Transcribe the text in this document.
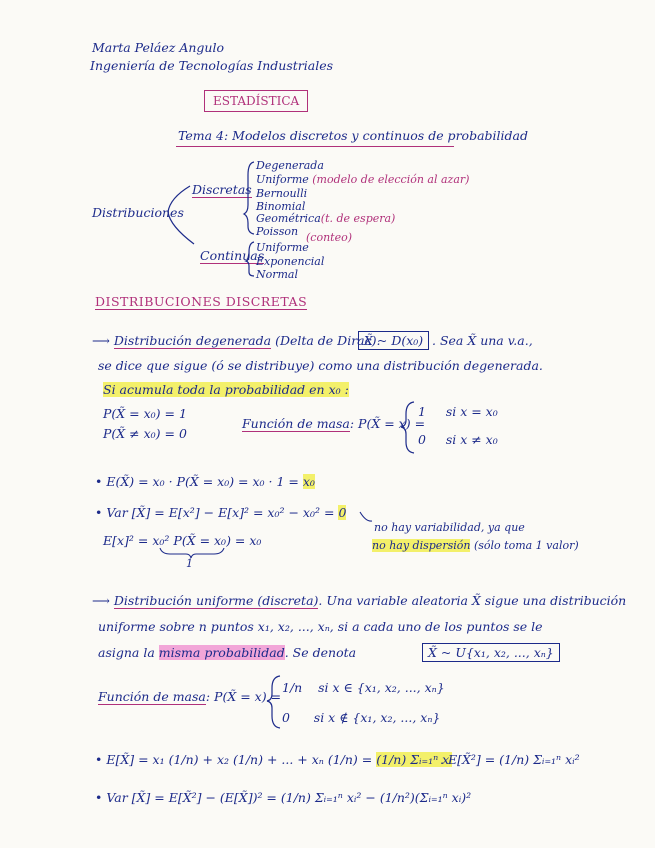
Marta Peláez Angulo
Ingeniería de Tecnologías Industriales
ESTADÍSTICA
Tema 4: Modelos discretos y continuos de probabilidad
Distribuciones
Discretas
Continuas
Degenerada
Uniforme (modelo de elección al azar)
Bernoulli
Binomial
Geométrica(t. de espera)
Poisson (conteo)
Uniforme
Exponencial
Normal
DISTRIBUCIONES DISCRETAS
⟶ Distribución degenerada (Delta de Dirac).
X̃ ~ D(x₀) . Sea X̃ una v.a.,
se dice que sigue (ó se distribuye) como una distribución degenerada.
Si acumula toda la probabilidad en x₀ :
P(X̃ = x₀) = 1
P(X̃ ≠ x₀) = 0
Función de masa: P(X̃ = x) =
1 si x = x₀
0 si x ≠ x₀
• E(X̃) = x₀ · P(X̃ = x₀) = x₀ · 1 = x₀
• Var [X̃] = E[x²] − E[x]² = x₀² − x₀² = 0
E[x]² = x₀² P(X̃ = x₀) = x₀
1
no hay variabilidad, ya que
no hay dispersión (sólo toma 1 valor)
⟶ Distribución uniforme (discreta). Una variable aleatoria X̃ sigue una distribución
uniforme sobre n puntos x₁, x₂, ..., xₙ, si a cada uno de los puntos se le
asigna la misma probabilidad. Se denota	X̃ ~ U{x₁, x₂, ..., xₙ}
Función de masa: P(X̃ = x) =
1/n si x ∈ {x₁, x₂, ..., xₙ}
0 si x ∉ {x₁, x₂, ..., xₙ}
• E[X̃] = x₁ (1/n) + x₂ (1/n) + ... + xₙ (1/n) = (1/n) Σᵢ₌₁ⁿ xᵢ
. E[X̃²] = (1/n) Σᵢ₌₁ⁿ xᵢ²
• Var [X̃] = E[X̃²] − (E[X̃])² = (1/n) Σᵢ₌₁ⁿ xᵢ² − (1/n²)(Σᵢ₌₁ⁿ xᵢ)²
